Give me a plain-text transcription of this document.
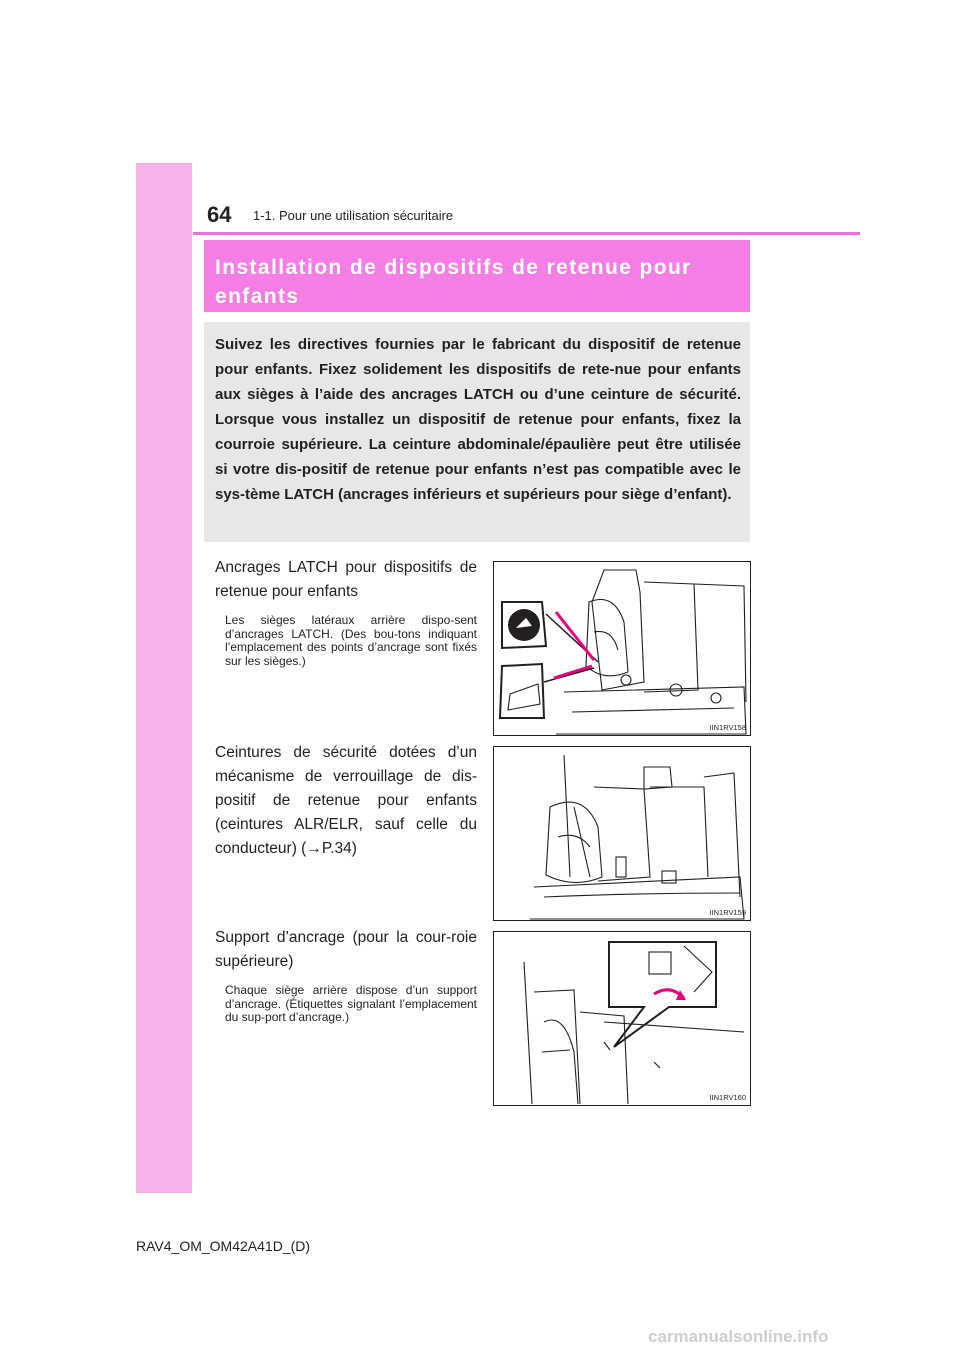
64 1-1. Pour une utilisation sécuritaire
Installation de dispositifs de retenue pour enfants

Suivez les directives fournies par le fabricant du dispositif de retenue pour enfants. Fixez solidement les dispositifs de rete-nue pour enfants aux sièges à l’aide des ancrages LATCH ou d’une ceinture de sécurité. Lorsque vous installez un dispositif de retenue pour enfants, fixez la courroie supérieure. La ceinture abdominale/épaulière peut être utilisée si votre dis-positif de retenue pour enfants n’est pas compatible avec le sys-tème LATCH (ancrages inférieurs et supérieurs pour siège d’enfant).

Ancrages LATCH pour dispositifs de retenue pour enfants

Les sièges latéraux arrière dispo-sent d’ancrages LATCH. (Des bou-tons indiquant l’emplacement des points d’ancrage sont fixés sur les sièges.)

IIN1RV158

Ceintures de sécurité dotées d’un mécanisme de verrouillage de dis-positif de retenue pour enfants (ceintures ALR/ELR, sauf celle du conducteur) (→P.34)

IIN1RV159

Support d’ancrage (pour la cour-roie supérieure)

Chaque siège arrière dispose d’un support d’ancrage. (Étiquettes signalant l’emplacement du sup-port d’ancrage.)

IIN1RV160
RAV4_OM_OM42A41D_(D)
carmanualsonline.info
